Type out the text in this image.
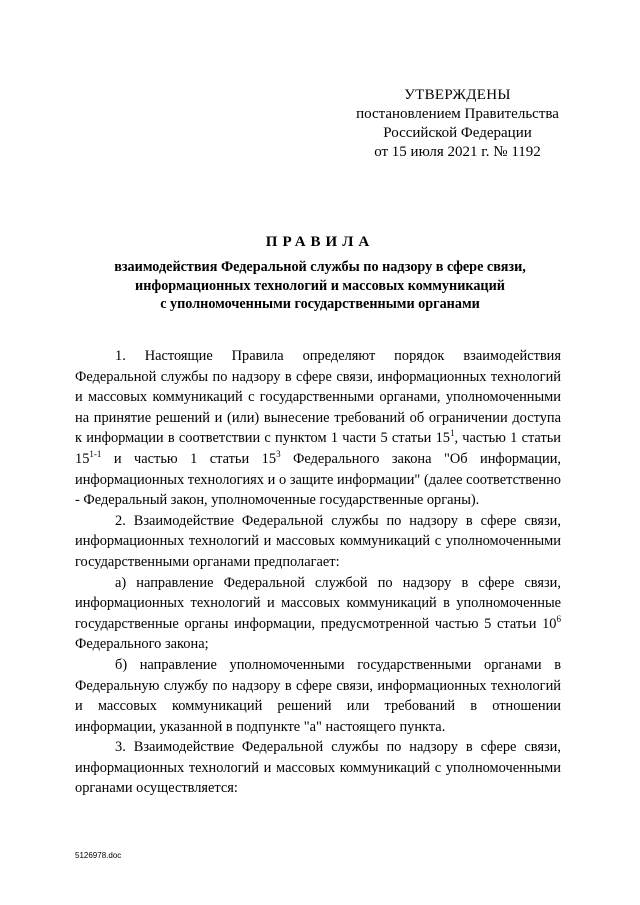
УТВЕРЖДЕНЫ
постановлением Правительства
Российской Федерации
от 15 июля 2021 г. № 1192
ПРАВИЛА
взаимодействия Федеральной службы по надзору в сфере связи,
информационных технологий и массовых коммуникаций
с уполномоченными государственными органами

1. Настоящие Правила определяют порядок взаимодействия Федеральной службы по надзору в сфере связи, информационных технологий и массовых коммуникаций с государственными органами, уполномоченными на принятие решений и (или) вынесение требований об ограничении доступа к информации в соответствии с пунктом 1 части 5 статьи $15^1$, частью 1 статьи 15$^{1-1}$ и частью 1 статьи $15^3$ Федерального закона "Об информации, информационных технологиях и о защите информации" (далее соответственно - Федеральный закон, уполномоченные государственные органы).

2. Взаимодействие Федеральной службы по надзору в сфере связи, информационных технологий и массовых коммуникаций с уполномоченными государственными органами предполагает:

а) направление Федеральной службой по надзору в сфере связи, информационных технологий и массовых коммуникаций в уполномоченные государственные органы информации, предусмотренной частью 5 статьи $10^6$ Федерального закона;

б) направление уполномоченными государственными органами в Федеральную службу по надзору в сфере связи, информационных технологий и массовых коммуникаций решений или требований в отношении информации, указанной в подпункте "а" настоящего пункта.

3. Взаимодействие Федеральной службы по надзору в сфере связи, информационных технологий и массовых коммуникаций с уполномоченными органами осуществляется:

5126978.doc
